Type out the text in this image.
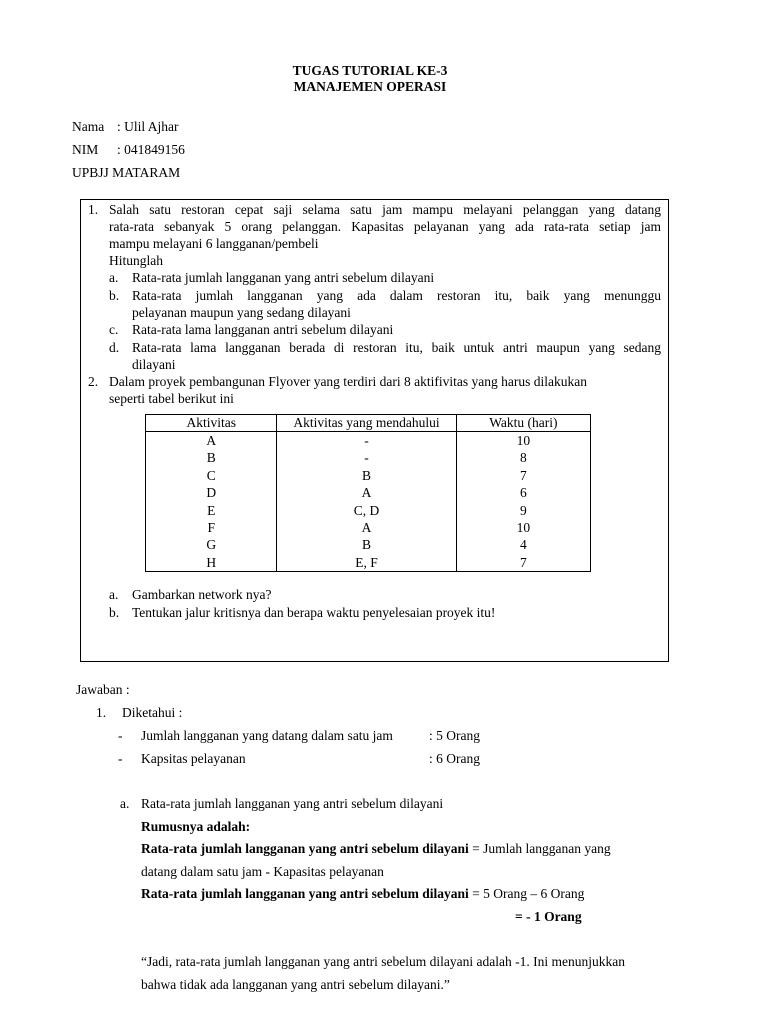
TUGAS TUTORIAL KE-3
MANAJEMEN OPERASI
Nama : Ulil Ajhar
NIM : 041849156
UPBJJ MATARAM
1. Salah satu restoran cepat saji selama satu jam mampu melayani pelanggan yang datang
rata-rata sebanyak 5 orang pelanggan. Kapasitas pelayanan yang ada rata-rata setiap jam
mampu melayani 6 langganan/pembeli
Hitunglah
a. Rata-rata jumlah langganan yang antri sebelum dilayani
b. Rata-rata jumlah langganan yang ada dalam restoran itu, baik yang menunggu
pelayanan maupun yang sedang dilayani
c. Rata-rata lama langganan antri sebelum dilayani
d. Rata-rata lama langganan berada di restoran itu, baik untuk antri maupun yang sedang
dilayani
2. Dalam proyek pembangunan Flyover yang terdiri dari 8 aktifivitas yang harus dilakukan
seperti tabel berikut ini
Aktivitas	Aktivitas yang mendahului	Waktu (hari)
A	-	10
B	-	8
C	B	7
D	A	6
E	C, D	9
F	A	10
G	B	4
H	E, F	7
a. Gambarkan network nya?
b. Tentukan jalur kritisnya dan berapa waktu penyelesaian proyek itu!
Jawaban :
1. Diketahui :
- Jumlah langganan yang datang dalam satu jam	: 5 Orang
- Kapsitas pelayanan	: 6 Orang
a. Rata-rata jumlah langganan yang antri sebelum dilayani
Rumusnya adalah:
Rata-rata jumlah langganan yang antri sebelum dilayani = Jumlah langganan yang
datang dalam satu jam - Kapasitas pelayanan
Rata-rata jumlah langganan yang antri sebelum dilayani = 5 Orang – 6 Orang
= - 1 Orang
“Jadi, rata-rata jumlah langganan yang antri sebelum dilayani adalah -1. Ini menunjukkan
bahwa tidak ada langganan yang antri sebelum dilayani.”
